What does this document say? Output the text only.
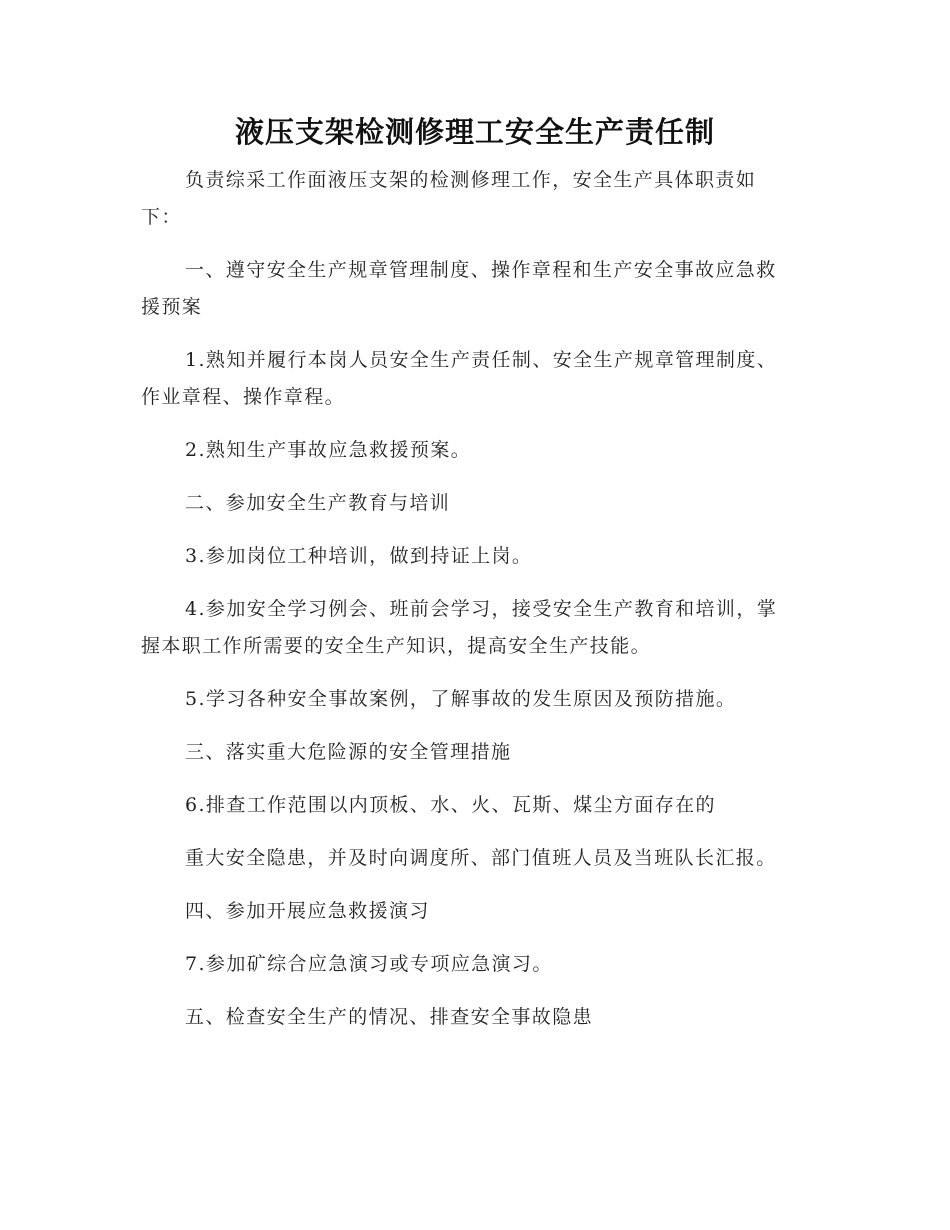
液压支架检测修理工安全生产责任制

负责综采工作面液压支架的检测修理工作，安全生产具体职责如下：

一、遵守安全生产规章管理制度、操作章程和生产安全事故应急救援预案

1.熟知并履行本岗人员安全生产责任制、安全生产规章管理制度、作业章程、操作章程。

2.熟知生产事故应急救援预案。

二、参加安全生产教育与培训

3.参加岗位工种培训，做到持证上岗。

4.参加安全学习例会、班前会学习，接受安全生产教育和培训，掌握本职工作所需要的安全生产知识，提高安全生产技能。

5.学习各种安全事故案例，了解事故的发生原因及预防措施。

三、落实重大危险源的安全管理措施

6.排查工作范围以内顶板、水、火、瓦斯、煤尘方面存在的

重大安全隐患，并及时向调度所、部门值班人员及当班队长汇报。

四、参加开展应急救援演习

7.参加矿综合应急演习或专项应急演习。

五、检查安全生产的情况、排查安全事故隐患
